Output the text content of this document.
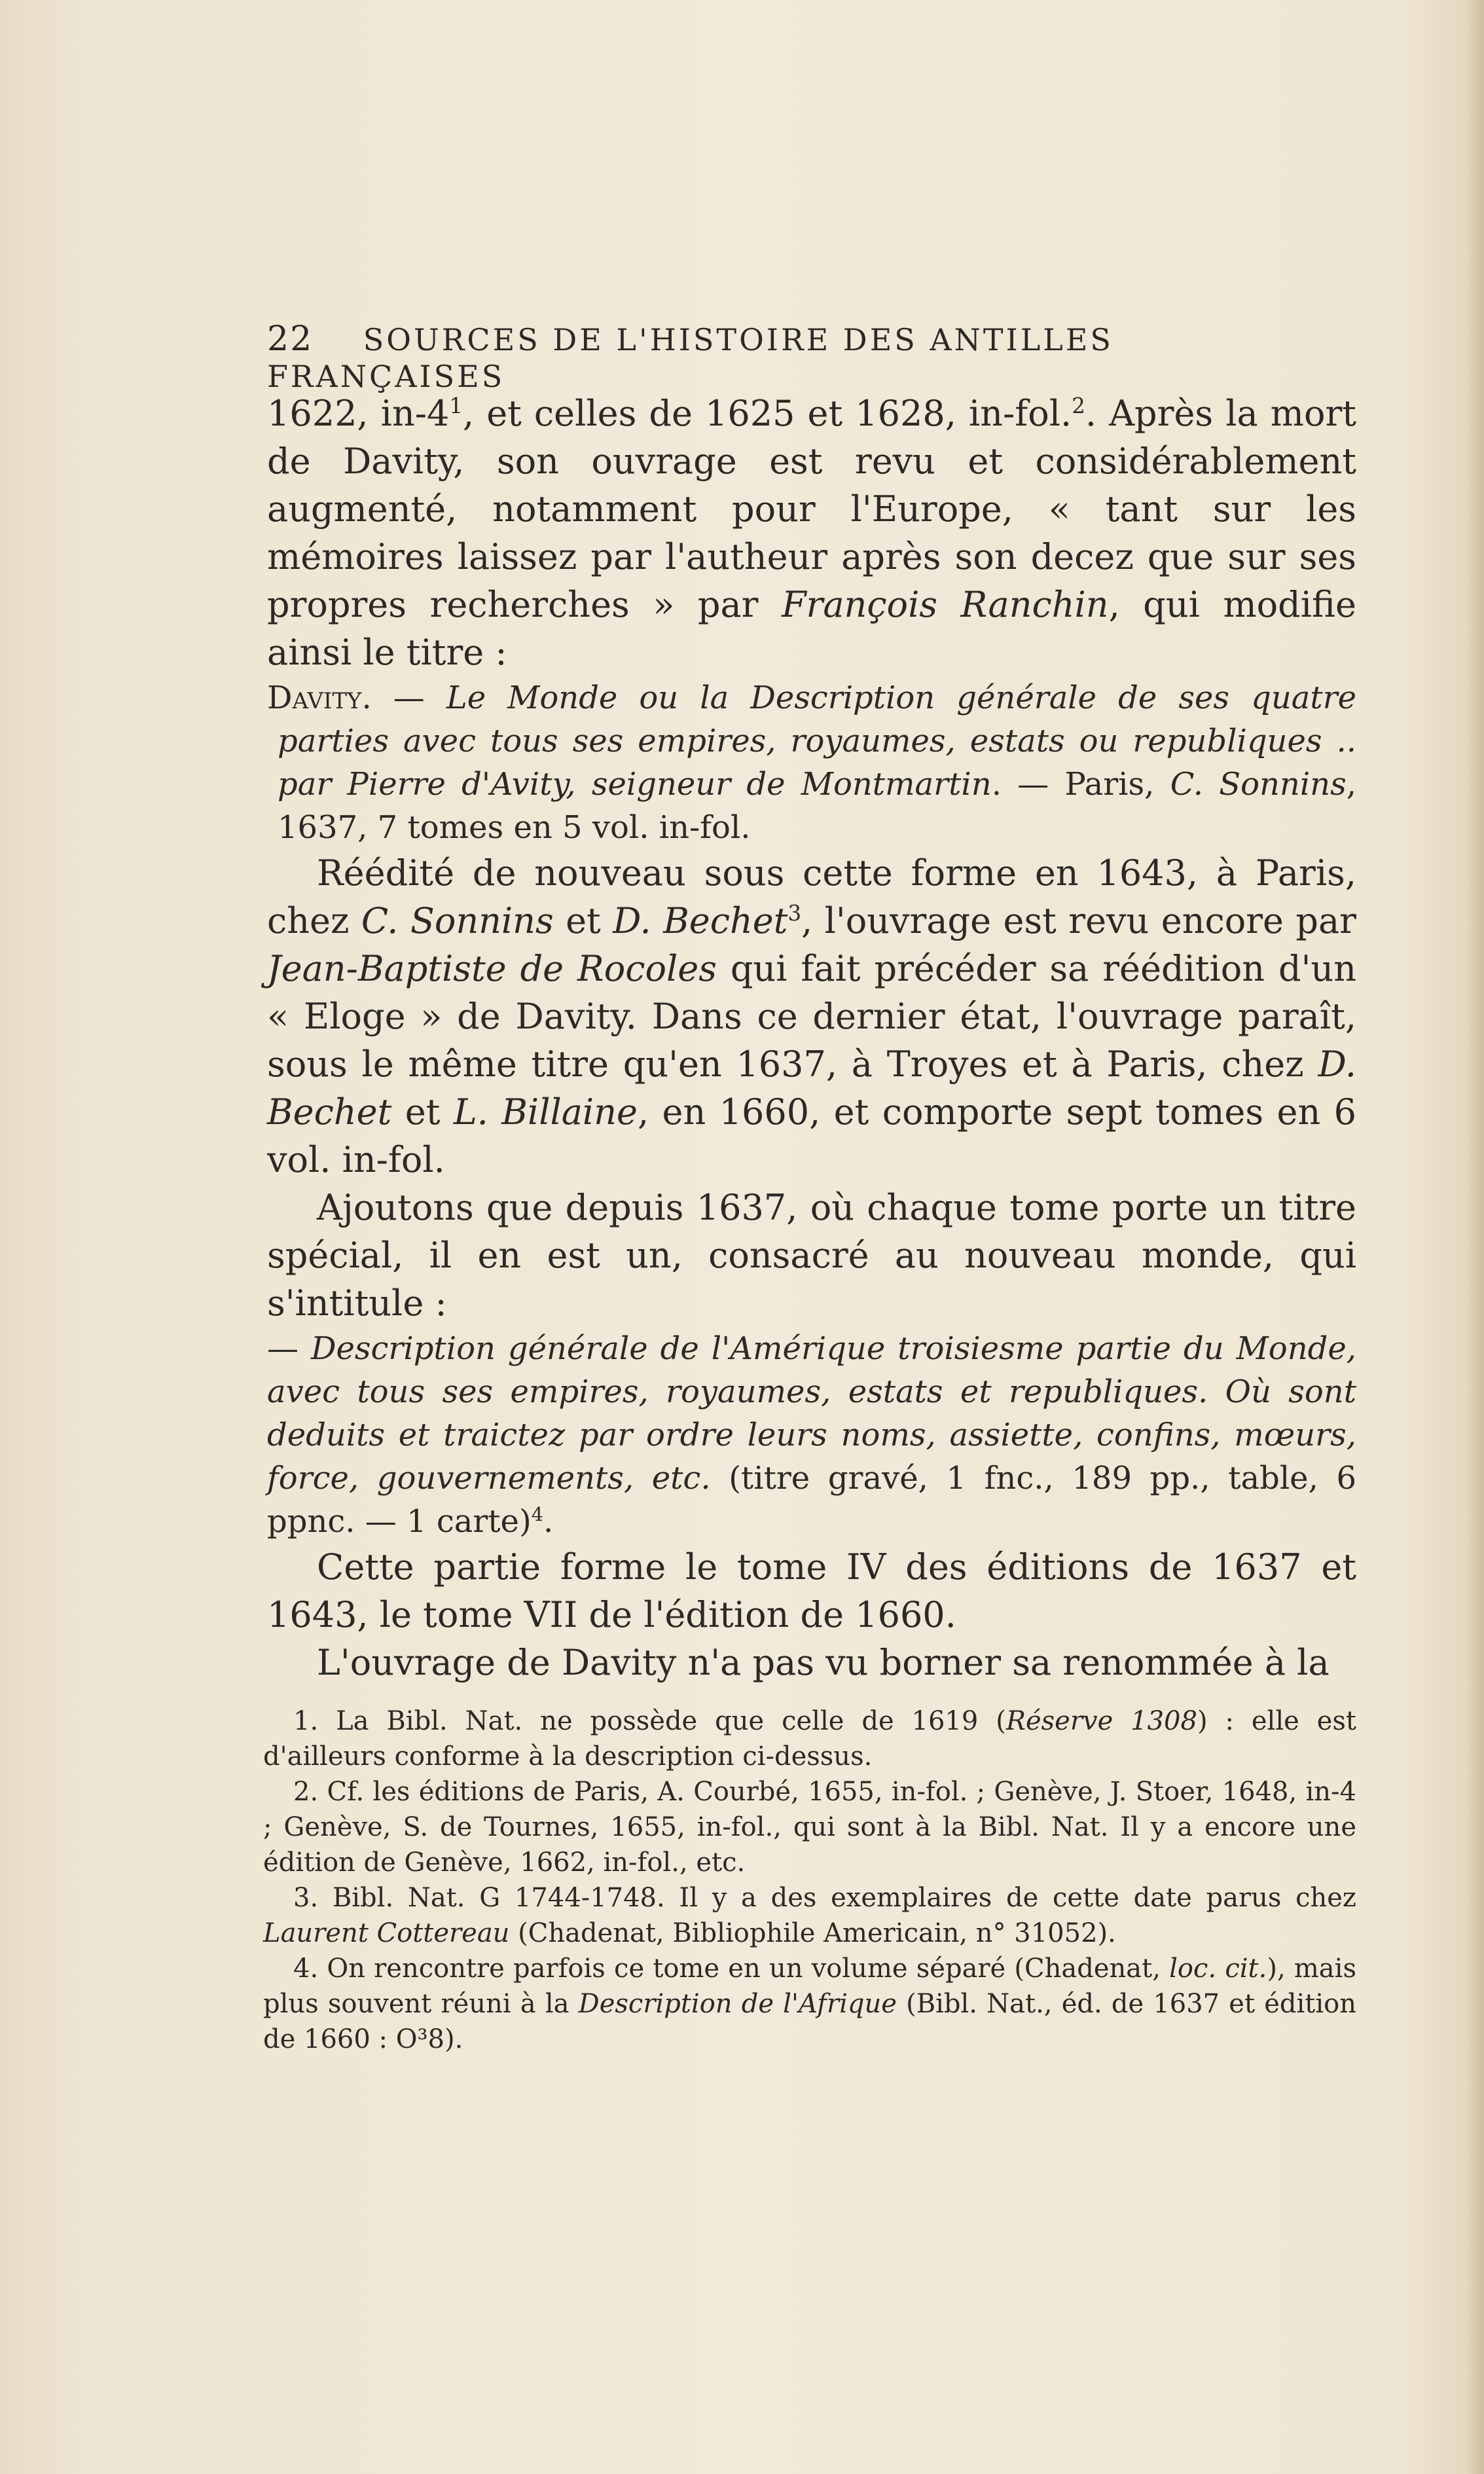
22 SOURCES DE L'HISTOIRE DES ANTILLES FRANÇAISES

1622, $in-4^1$, et celles de 1625 et 1628, in-fol.$^2$. Après la mort de Davity, son ouvrage est revu et considérablement augmenté, notamment pour l'Europe, « tant sur les mémoires laissez par l'autheur après son decez que sur ses propres recherches » par François Ranchin, qui modifie ainsi le titre :

Davity. — Le Monde ou la Description générale de ses quatre parties avec tous ses empires, royaumes, estats ou republiques .. par Pierre d'Avity, seigneur de Montmartin. — Paris, C. Sonnins, 1637, 7 tomes en 5 vol. in-fol.

Réédité de nouveau sous cette forme en 1643, à Paris, chez C. Sonnins et D. Bechet$^3$, l'ouvrage est revu encore par Jean-Baptiste de Rocoles qui fait précéder sa réédition d'un « Eloge » de Davity. Dans ce dernier état, l'ouvrage paraît, sous le même titre qu'en 1637, à Troyes et à Paris, chez D. Bechet et L. Billaine, en 1660, et comporte sept tomes en 6 vol. in-fol.

Ajoutons que depuis 1637, où chaque tome porte un titre spécial, il en est un, consacré au nouveau monde, qui s'intitule :

— Description générale de l'Amérique troisiesme partie du Monde, avec tous ses empires, royaumes, estats et republiques. Où sont deduits et traictez par ordre leurs noms, assiette, confins, mœurs, force, gouvernements, etc. (titre gravé, 1 fnc., 189 pp., table, 6 ppnc. — 1 carte)$^4$.

Cette partie forme le tome IV des éditions de 1637 et 1643, le tome VII de l'édition de 1660.

L'ouvrage de Davity n'a pas vu borner sa renommée à la

1. La Bibl. Nat. ne possède que celle de 1619 (Réserve 1308) : elle est d'ailleurs conforme à la description ci-dessus.

2. Cf. les éditions de Paris, A. Courbé, 1655, in-fol. ; Genève, J. Stoer, 1648, in-4 ; Genève, S. de Tournes, 1655, in-fol., qui sont à la Bibl. Nat. Il y a encore une édition de Genève, 1662, in-fol., etc.

3. Bibl. Nat. G 1744-1748. Il y a des exemplaires de cette date parus chez Laurent Cottereau (Chadenat, Bibliophile Americain, n° 31052).

4. On rencontre parfois ce tome en un volume séparé (Chadenat, loc. cit.), mais plus souvent réuni à la Description de l'Afrique (Bibl. Nat., éd. de 1637 et édition de 1660 : O³8).
